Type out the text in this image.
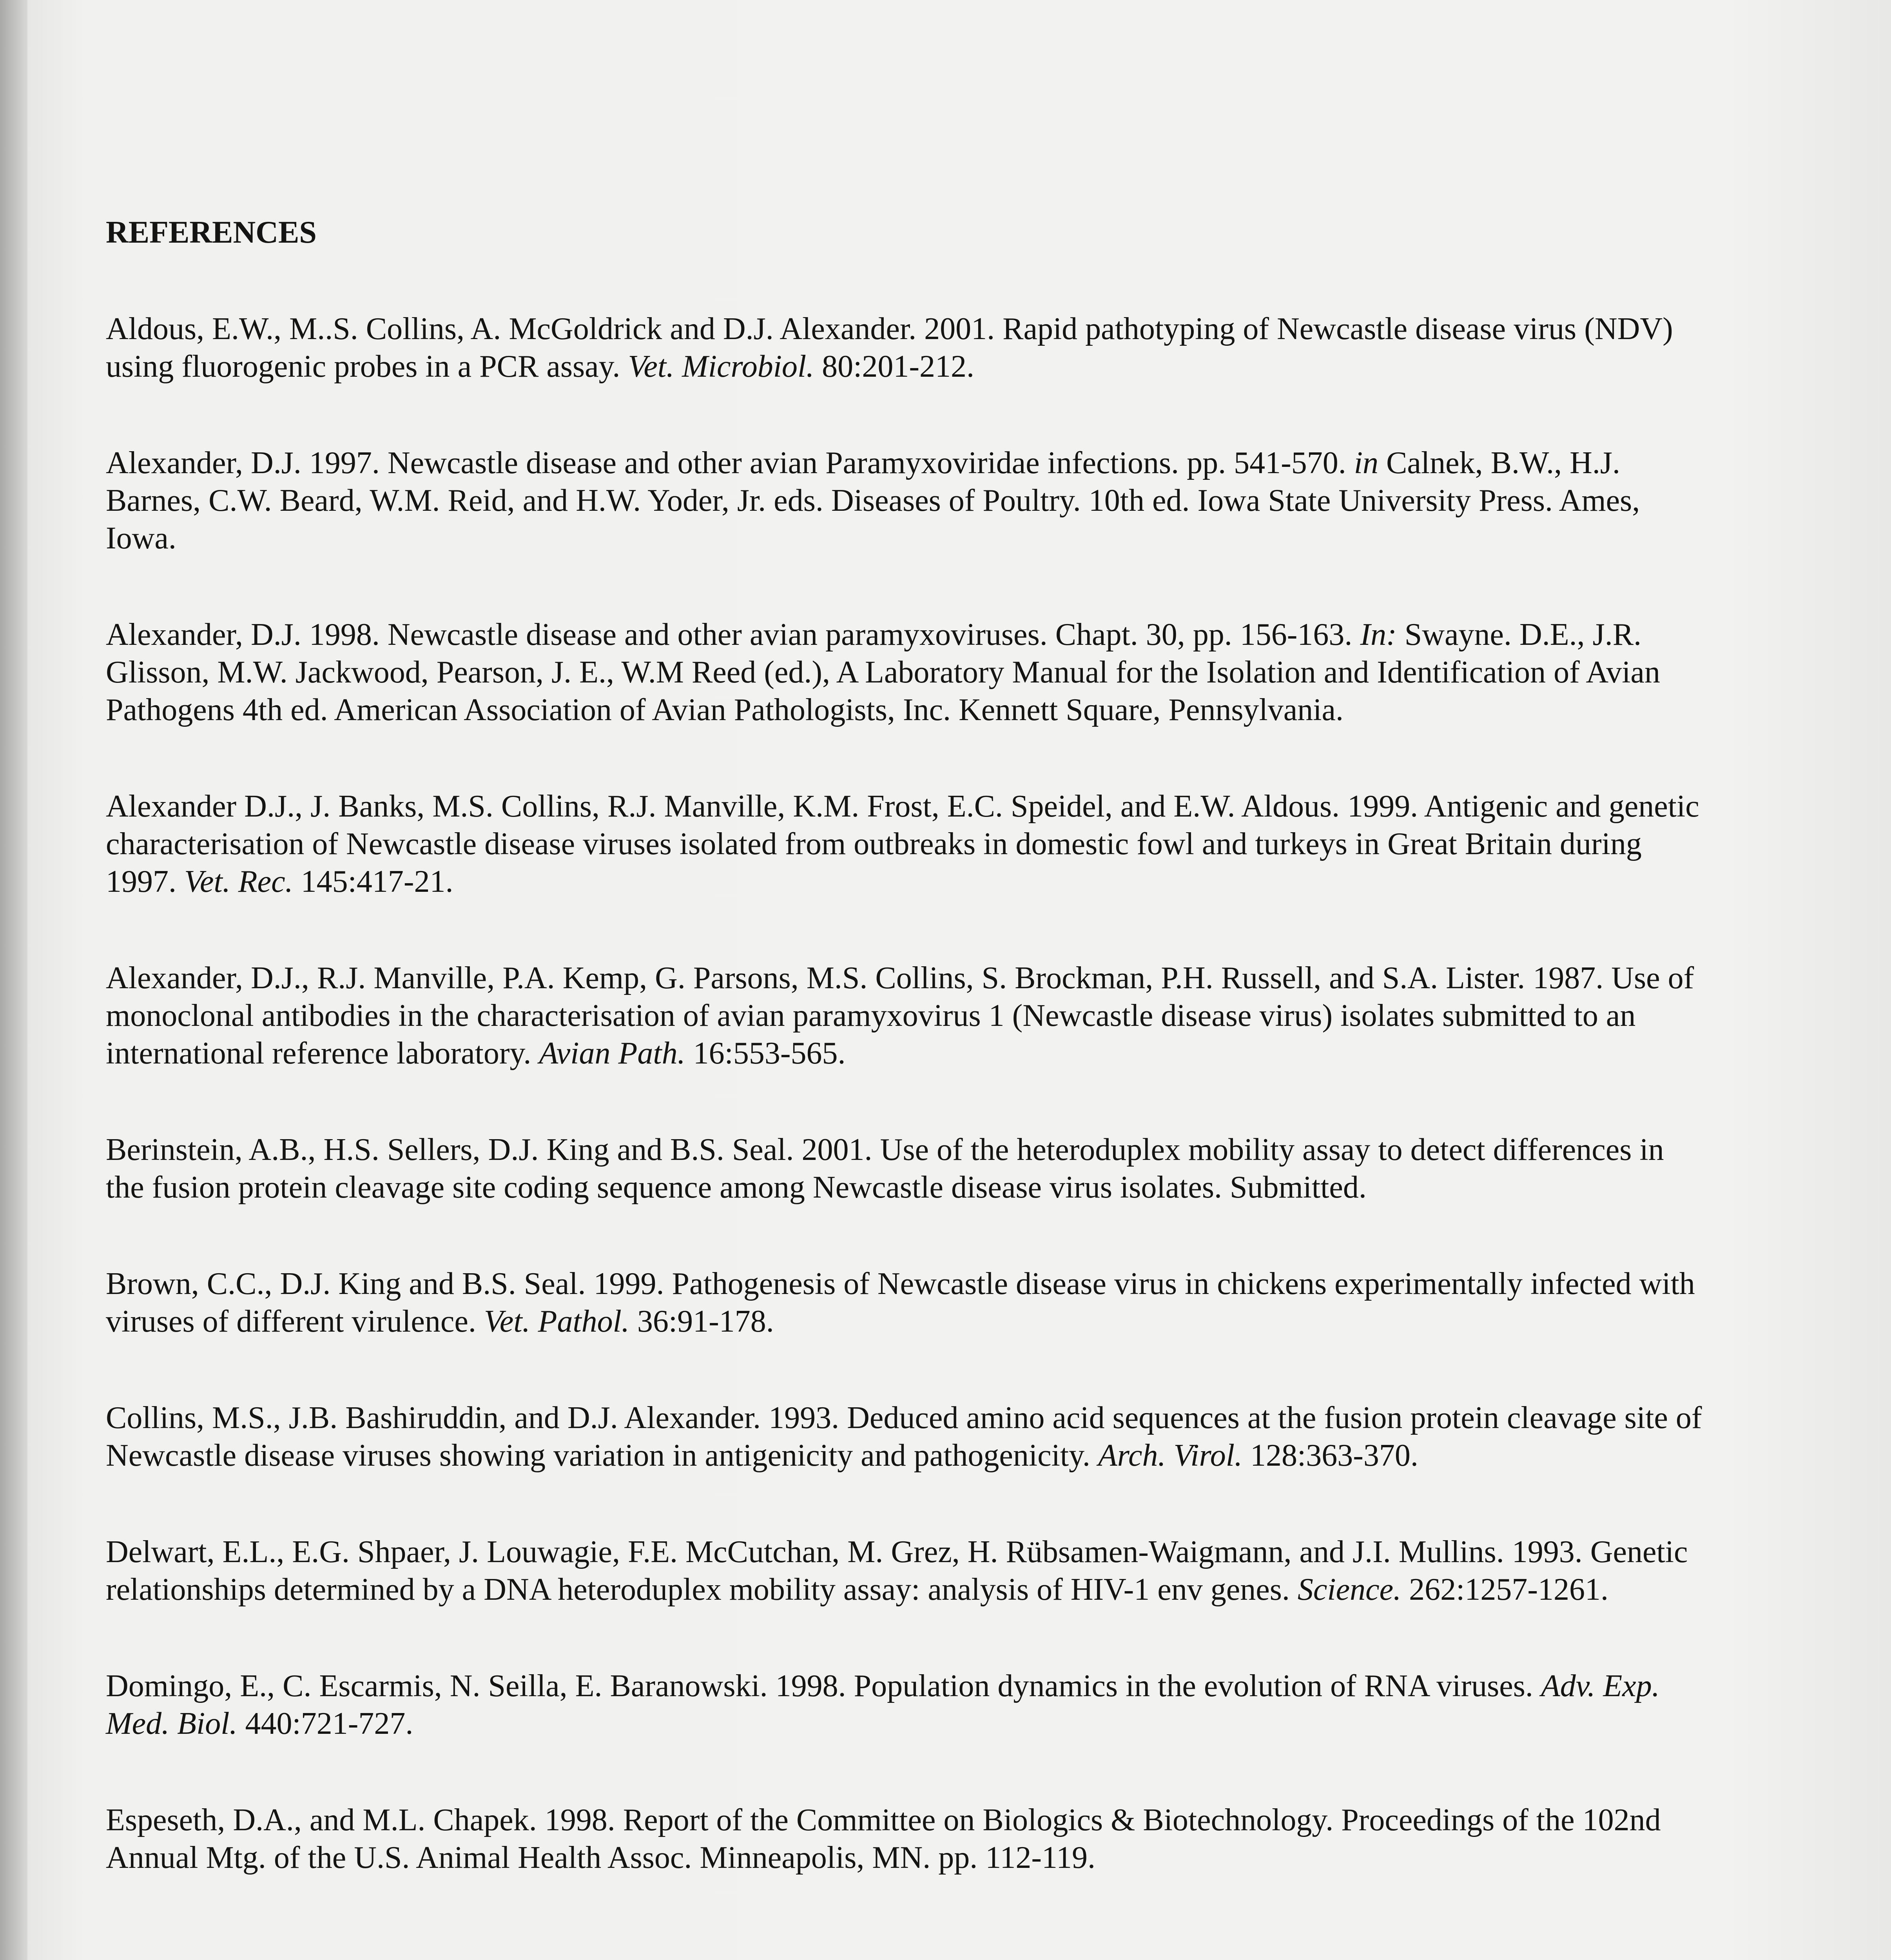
REFERENCES

Aldous, E.W., M..S. Collins, A. McGoldrick and D.J. Alexander. 2001. Rapid pathotyping of Newcastle disease virus (NDV) using fluorogenic probes in a PCR assay. Vet. Microbiol. 80:201-212.

Alexander, D.J. 1997. Newcastle disease and other avian Paramyxoviridae infections. pp. 541-570. in Calnek, B.W., H.J. Barnes, C.W. Beard, W.M. Reid, and H.W. Yoder, Jr. eds. Diseases of Poultry. 10th ed. Iowa State University Press. Ames, Iowa.

Alexander, D.J. 1998. Newcastle disease and other avian paramyxoviruses. Chapt. 30, pp. 156-163. In: Swayne. D.E., J.R. Glisson, M.W. Jackwood, Pearson, J. E., W.M Reed (ed.), A Laboratory Manual for the Isolation and Identification of Avian Pathogens 4th ed. American Association of Avian Pathologists, Inc. Kennett Square, Pennsylvania.

Alexander D.J., J. Banks, M.S. Collins, R.J. Manville, K.M. Frost, E.C. Speidel, and E.W. Aldous. 1999. Antigenic and genetic characterisation of Newcastle disease viruses isolated from outbreaks in domestic fowl and turkeys in Great Britain during 1997. Vet. Rec. 145:417-21.

Alexander, D.J., R.J. Manville, P.A. Kemp, G. Parsons, M.S. Collins, S. Brockman, P.H. Russell, and S.A. Lister. 1987. Use of monoclonal antibodies in the characterisation of avian paramyxovirus 1 (Newcastle disease virus) isolates submitted to an international reference laboratory. Avian Path. 16:553-565.

Berinstein, A.B., H.S. Sellers, D.J. King and B.S. Seal. 2001. Use of the heteroduplex mobility assay to detect differences in the fusion protein cleavage site coding sequence among Newcastle disease virus isolates. Submitted.

Brown, C.C., D.J. King and B.S. Seal. 1999. Pathogenesis of Newcastle disease virus in chickens experimentally infected with viruses of different virulence. Vet. Pathol. 36:91-178.

Collins, M.S., J.B. Bashiruddin, and D.J. Alexander. 1993. Deduced amino acid sequences at the fusion protein cleavage site of Newcastle disease viruses showing variation in antigenicity and pathogenicity. Arch. Virol. 128:363-370.

Delwart, E.L., E.G. Shpaer, J. Louwagie, F.E. McCutchan, M. Grez, H. Rübsamen-Waigmann, and J.I. Mullins. 1993. Genetic relationships determined by a DNA heteroduplex mobility assay: analysis of HIV-1 env genes. Science. 262:1257-1261.

Domingo, E., C. Escarmis, N. Seilla, E. Baranowski. 1998. Population dynamics in the evolution of RNA viruses. Adv. Exp. Med. Biol. 440:721-727.

Espeseth, D.A., and M.L. Chapek. 1998. Report of the Committee on Biologics & Biotechnology. Proceedings of the 102nd Annual Mtg. of the U.S. Animal Health Assoc. Minneapolis, MN. pp. 112-119.
